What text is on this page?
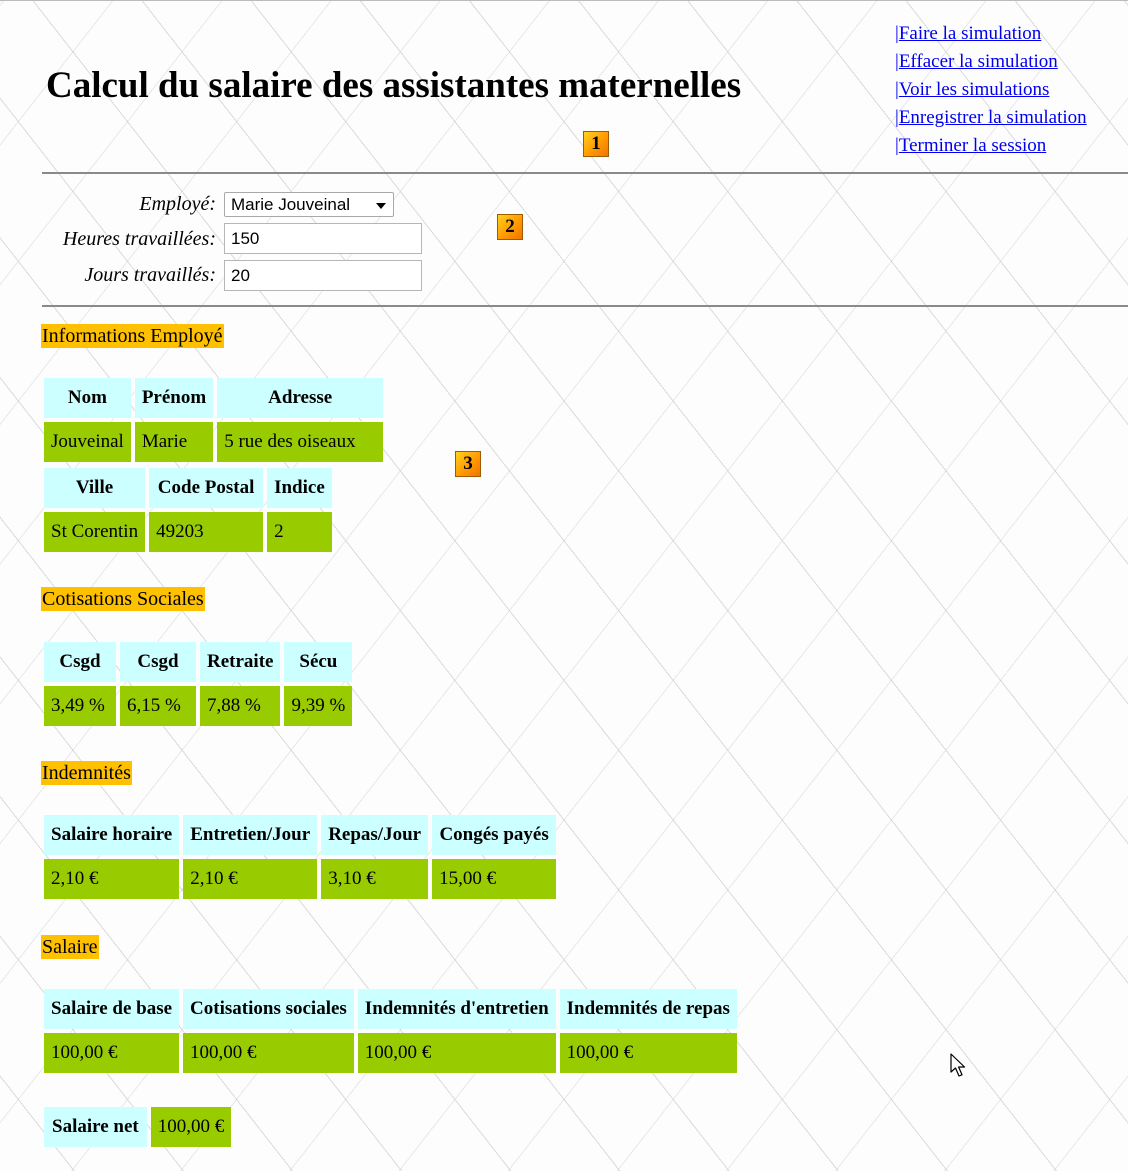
Calcul du salaire des assistantes maternelles
|Faire la simulation
|Effacer la simulation
|Voir les simulations
|Enregistrer la simulation
|Terminer la session
1
Employé: Marie Jouveinal
Heures travaillées: 150
Jours travaillés: 20
2
Informations Employé
Nom	Prénom	Adresse
Jouveinal	Marie	5 rue des oiseaux
Ville	Code Postal	Indice
St Corentin	49203	2
3
Cotisations Sociales
Csgd	Csgd	Retraite	Sécu
3,49 %	6,15 %	7,88 %	9,39 %
Indemnités
Salaire horaire	Entretien/Jour	Repas/Jour	Congés payés
2,10 €	2,10 €	3,10 €	15,00 €
Salaire
Salaire de base	Cotisations sociales	Indemnités d'entretien	Indemnités de repas
100,00 €	100,00 €	100,00 €	100,00 €
Salaire net	100,00 €
